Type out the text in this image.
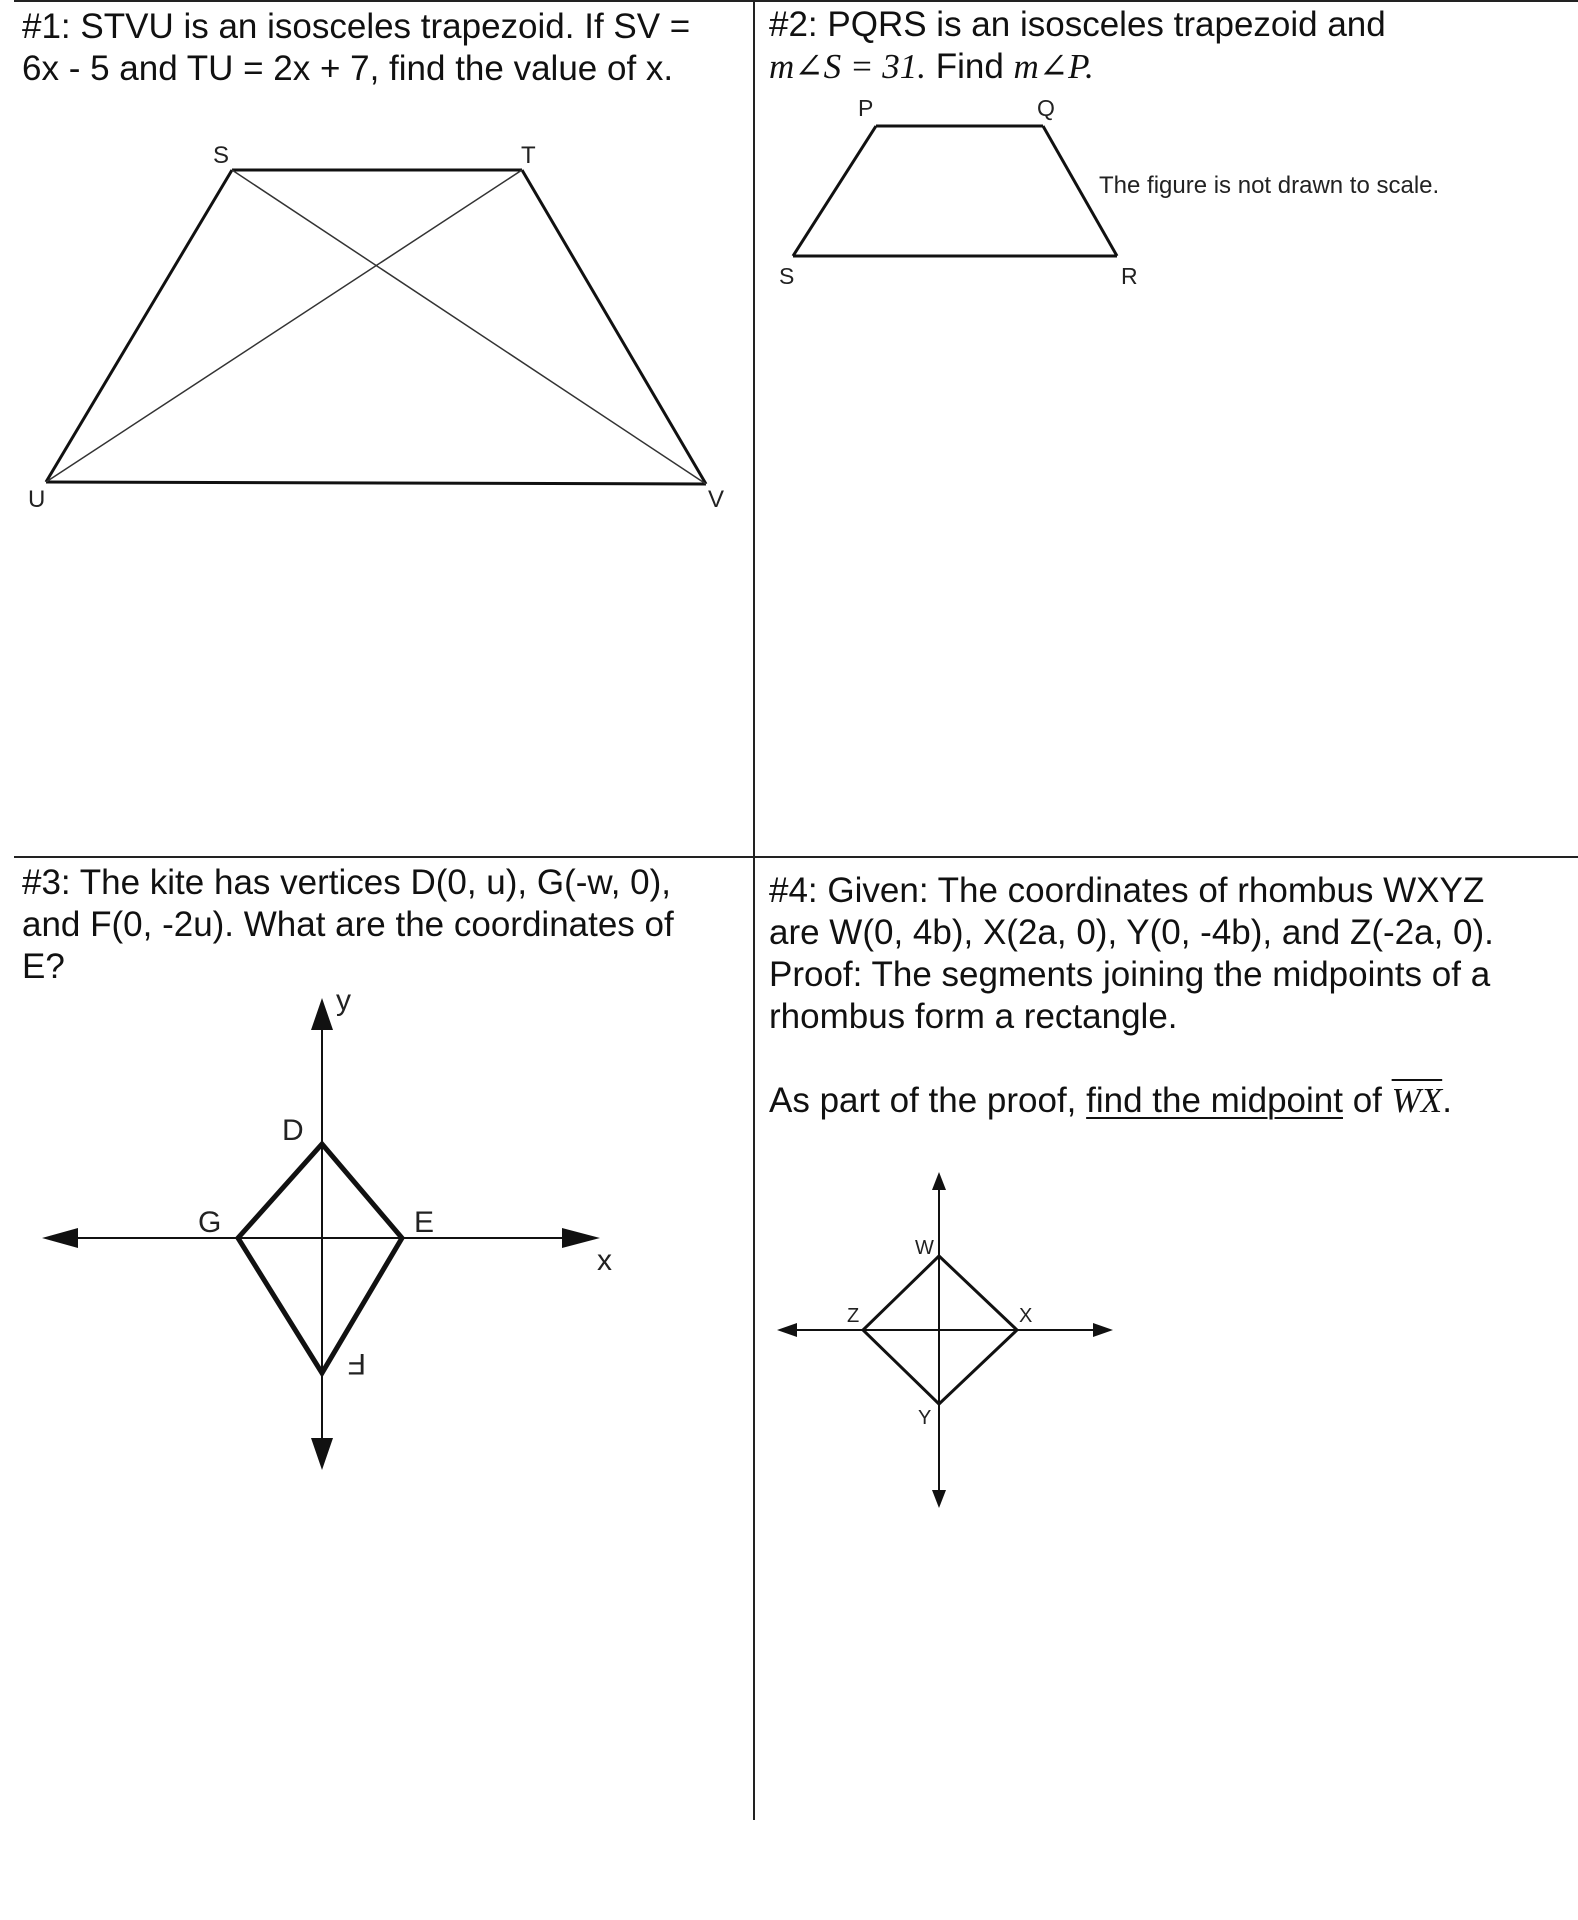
#1: STVU is an isosceles trapezoid. If SV =
6x - 5 and TU = 2x + 7, find the value of x.
S	T
U	V
#2: PQRS is an isosceles trapezoid and
m∠S = 31. Find m∠P.
P	Q
S	R
The figure is not drawn to scale.
#3: The kite has vertices D(0, u), G(-w, 0),
and F(0, -2u). What are the coordinates of
E?
D
G	E
F
x
y
#4: Given: The coordinates of rhombus WXYZ
are W(0, 4b), X(2a, 0), Y(0, -4b), and Z(-2a, 0).
Proof: The segments joining the midpoints of a
rhombus form a rectangle.
As part of the proof, find the midpoint of $\overline{WX}$.
W
X
Y
Z
